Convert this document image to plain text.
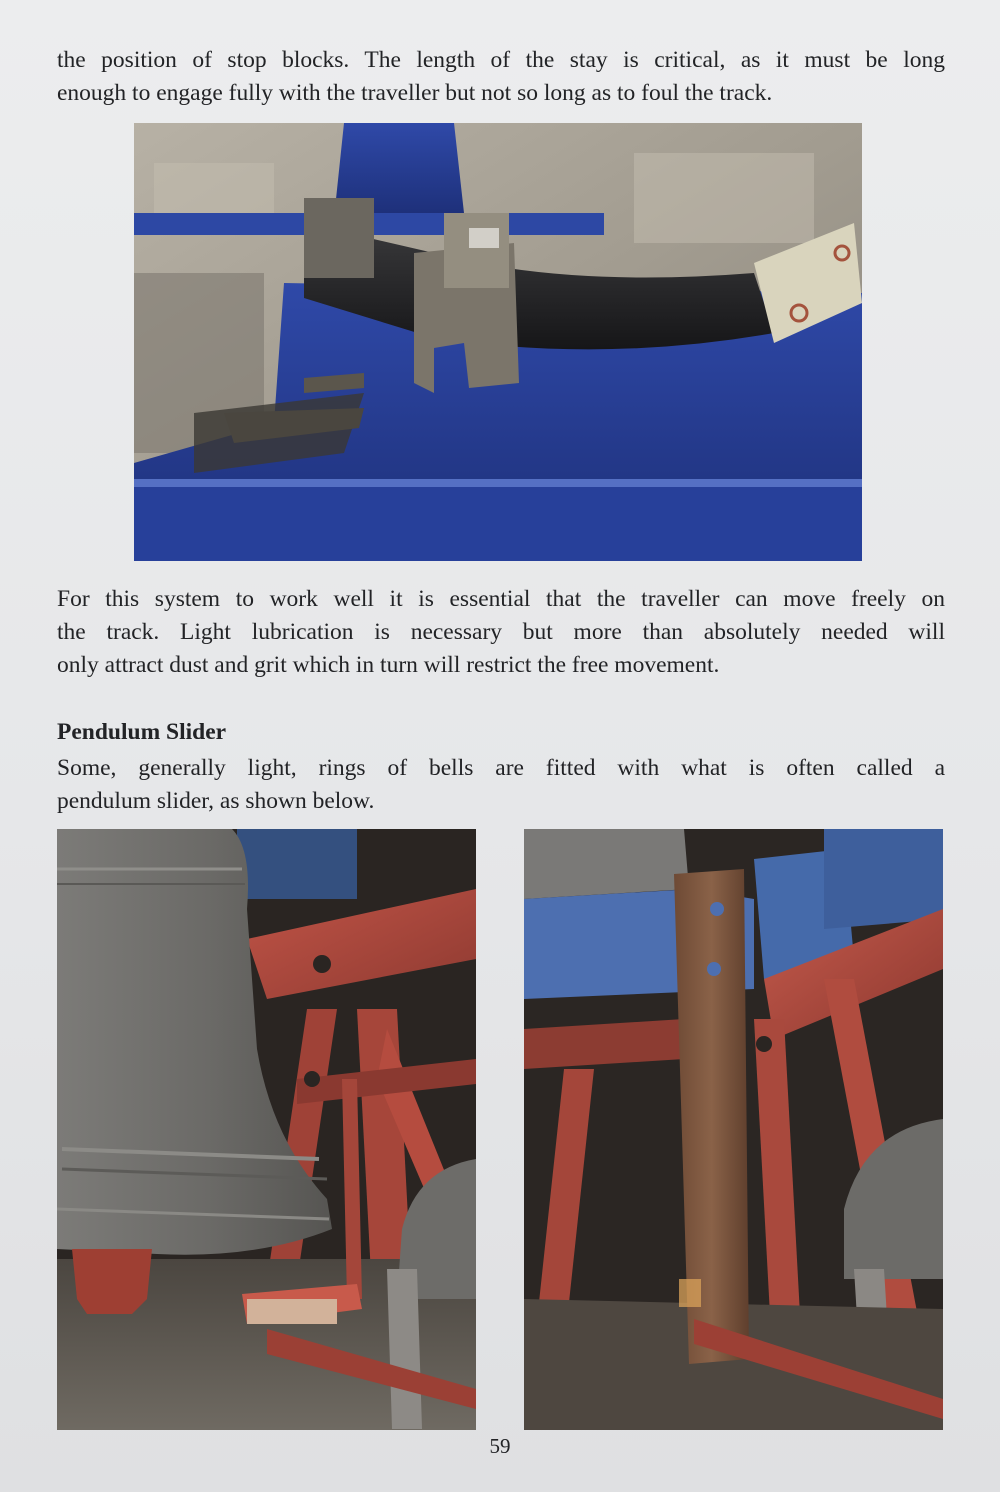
the position of stop blocks. The length of the stay is critical, as it must be long
enough to engage fully with the traveller but not so long as to foul the track.

For this system to work well it is essential that the traveller can move freely on
the track. Light lubrication is necessary but more than absolutely needed will
only attract dust and grit which in turn will restrict the free movement.

Pendulum Slider

Some, generally light, rings of bells are fitted with what is often called a
pendulum slider, as shown below.

59
